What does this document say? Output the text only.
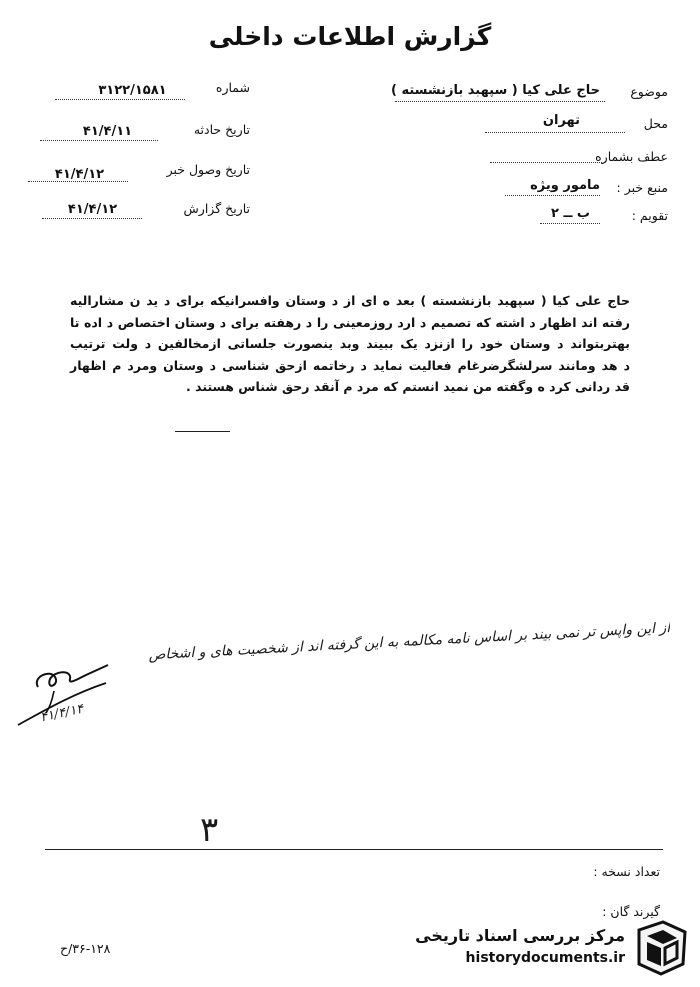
گزارش اطلاعات داخلی
موضوع
حاج علی کیا ( سپهبد بازنشسته )
محل
تهران
عطف بشماره
منبع خبر :
مامور ویژه
تقویم :
ب ــ ۲
شماره
۳۱۲۲/۱۵۸۱
تاریخ حادثه
۴۱/۴/۱۱
تاریخ وصول خبر
۴۱/۴/۱۲
تاریخ گزارش
۴۱/۴/۱۲
حاج علی کیا ( سپهبد بازنشسته ) بعد ه ای از د وستان وافسرانیکه برای د ید ن مشارالیه
رفته اند اظهار د اشته که تصمیم د ارد روزمعینی را د رهفته برای د وستان اختصاص د اده تا
بهتربتواند د وستان خود را ازنزد یک ببیند وبد ینصورت جلساتی ازمخالفین د ولت ترتیب
د هد ومانند سرلشگرضرغام فعالیت نماید د رخاتمه ازحق شناسی د وستان ومرد م اظهار
قد ردانی کرد ه وگفته من نمید انستم که مرد م آنقد رحق شناس هستند .
از این واپس تر نمی بیند بر اساس نامه مکالمه به این گرفته اند از شخصیت های و اشخاص
۴۱/۴/۱۴
۳
تعداد نسخه :
گیرند گان :
۳۶-۱۲۸/ح
مرکز بررسی اسناد تاریخی
historydocuments.ir
